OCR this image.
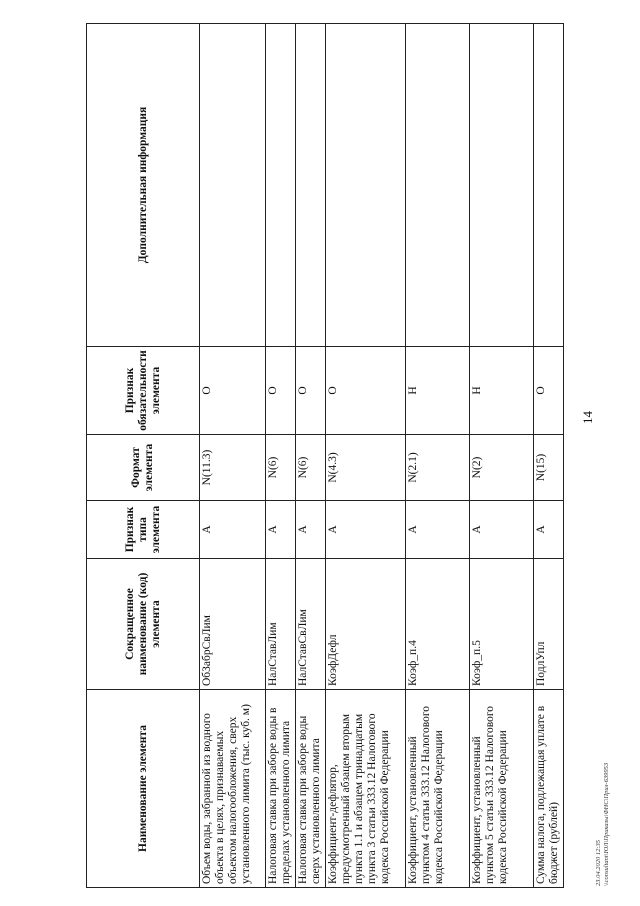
14
Наименование элемента	Сокращенное наименование (код) элемента	Признак типа элемента	Формат элемента	Признак обязательности элемента	Дополнительная информация
Объем воды, забранной из водного объекта в целях, признаваемых объектом налогообложения, сверх установленного лимита (тыс. куб. м)	ОбЗабрСвЛим	А	N(11.3)	О	
Налоговая ставка при заборе воды в пределах установленного лимита	НалСтавЛим	А	N(6)	О	
Налоговая ставка при заборе воды сверх установленного лимита	НалСтавСвЛим	А	N(6)	О	
Коэффициент-дефлятор, предусмотренный абзацем вторым пункта 1.1 и абзацем тринадцатым пункта 3 статьи 333.12 Налогового кодекса Российской Федерации	КоэфДефл	А	N(4.3)	О	
Коэффициент, установленный пунктом 4 статьи 333.12 Налогового кодекса Российской Федерации	Коэф_п.4	А	N(2.1)	Н	
Коэффициент, установленный пунктом 5 статьи 333.12 Налогового кодекса Российской Федерации	Коэф_п.5	А	N(2)	Н	
Сумма налога, подлежащая уплате в бюджет (рублей)	ПодлУпл	А	N(15)	О	
23.04.2020 12:35 \\consultant\ЮЛ\Приказы\ФНС\Прил-639953
